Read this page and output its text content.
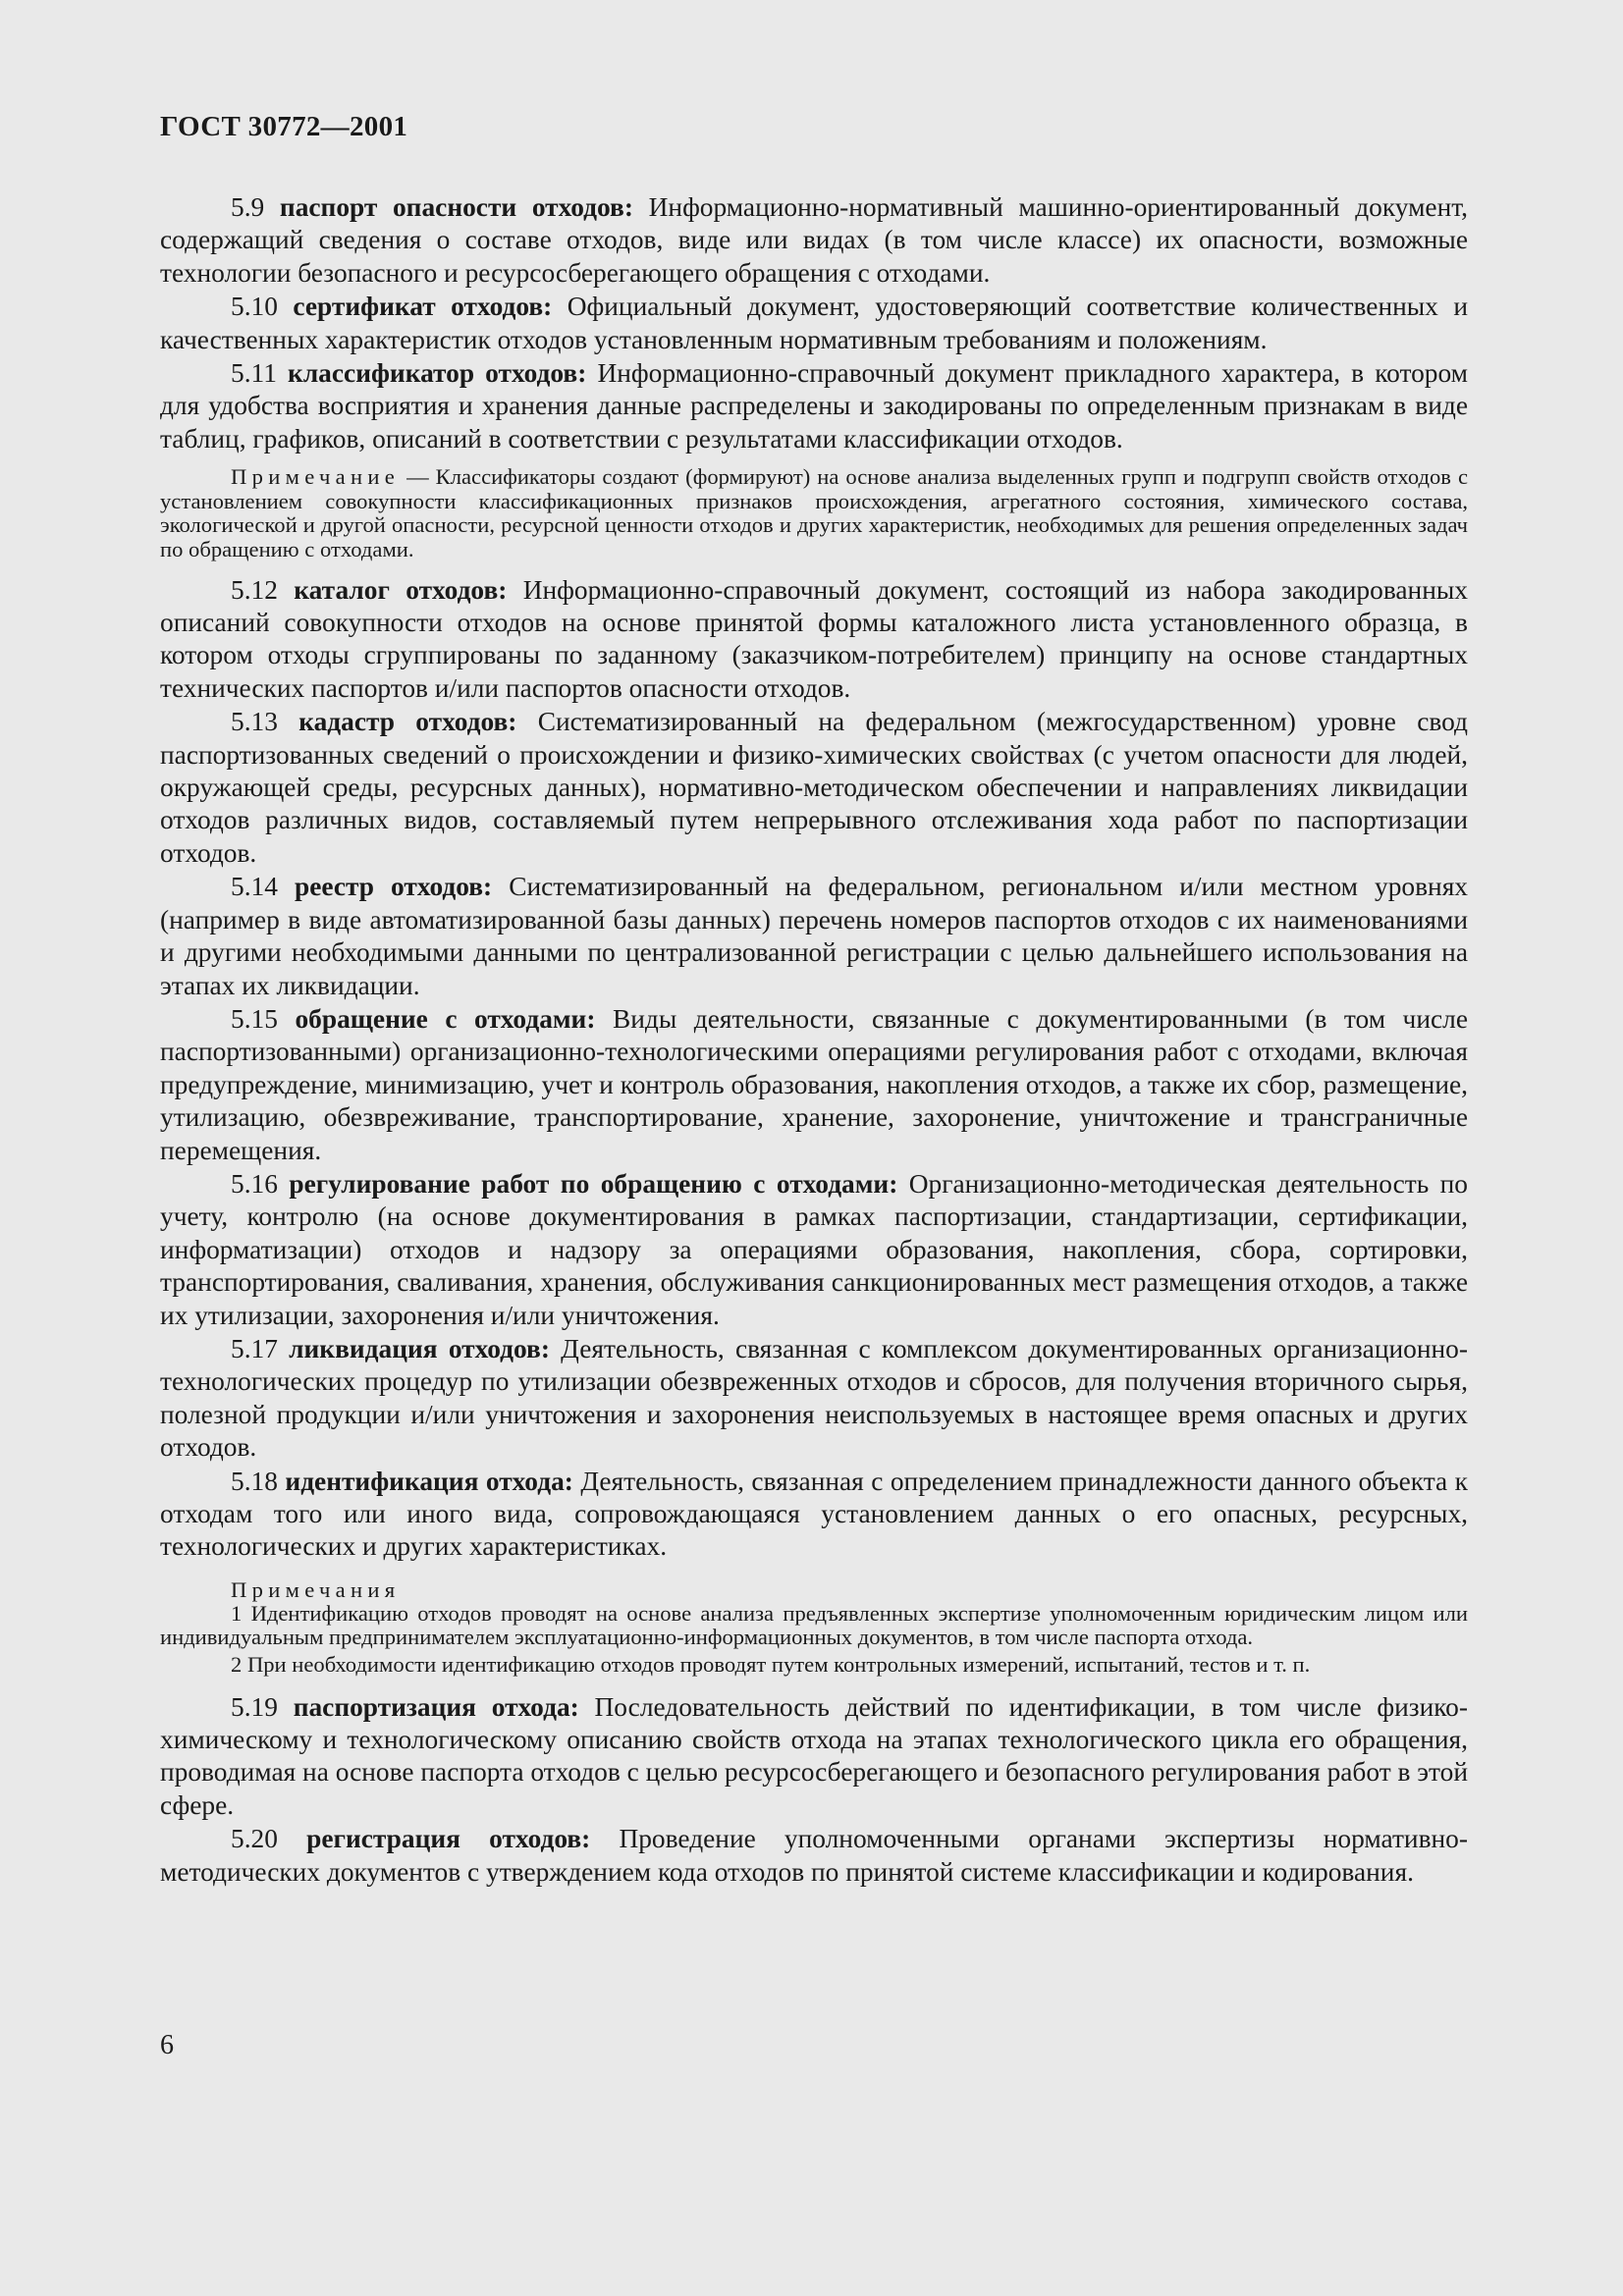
ГОСТ 30772—2001

5.9 паспорт опасности отходов: Информационно-нормативный машинно-ориентированный документ, содержащий сведения о составе отходов, виде или видах (в том числе классе) их опасности, возможные технологии безопасного и ресурсосберегающего обращения с отходами.

5.10 сертификат отходов: Официальный документ, удостоверяющий соответствие количественных и качественных характеристик отходов установленным нормативным требованиям и положениям.

5.11 классификатор отходов: Информационно-справочный документ прикладного характера, в котором для удобства восприятия и хранения данные распределены и закодированы по определенным признакам в виде таблиц, графиков, описаний в соответствии с результатами классификации отходов.

Примечание — Классификаторы создают (формируют) на основе анализа выделенных групп и подгрупп свойств отходов с установлением совокупности классификационных признаков происхождения, агрегатного состояния, химического состава, экологической и другой опасности, ресурсной ценности отходов и других характеристик, необходимых для решения определенных задач по обращению с отходами.

5.12 каталог отходов: Информационно-справочный документ, состоящий из набора закодированных описаний совокупности отходов на основе принятой формы каталожного листа установленного образца, в котором отходы сгруппированы по заданному (заказчиком-потребителем) принципу на основе стандартных технических паспортов и/или паспортов опасности отходов.

5.13 кадастр отходов: Систематизированный на федеральном (межгосударственном) уровне свод паспортизованных сведений о происхождении и физико-химических свойствах (с учетом опасности для людей, окружающей среды, ресурсных данных), нормативно-методическом обеспечении и направлениях ликвидации отходов различных видов, составляемый путем непрерывного отслеживания хода работ по паспортизации отходов.

5.14 реестр отходов: Систематизированный на федеральном, региональном и/или местном уровнях (например в виде автоматизированной базы данных) перечень номеров паспортов отходов с их наименованиями и другими необходимыми данными по централизованной регистрации с целью дальнейшего использования на этапах их ликвидации.

5.15 обращение с отходами: Виды деятельности, связанные с документированными (в том числе паспортизованными) организационно-технологическими операциями регулирования работ с отходами, включая предупреждение, минимизацию, учет и контроль образования, накопления отходов, а также их сбор, размещение, утилизацию, обезвреживание, транспортирование, хранение, захоронение, уничтожение и трансграничные перемещения.

5.16 регулирование работ по обращению с отходами: Организационно-методическая деятельность по учету, контролю (на основе документирования в рамках паспортизации, стандартизации, сертификации, информатизации) отходов и надзору за операциями образования, накопления, сбора, сортировки, транспортирования, сваливания, хранения, обслуживания санкционированных мест размещения отходов, а также их утилизации, захоронения и/или уничтожения.

5.17 ликвидация отходов: Деятельность, связанная с комплексом документированных организационно-технологических процедур по утилизации обезвреженных отходов и сбросов, для получения вторичного сырья, полезной продукции и/или уничтожения и захоронения неиспользуемых в настоящее время опасных и других отходов.

5.18 идентификация отхода: Деятельность, связанная с определением принадлежности данного объекта к отходам того или иного вида, сопровождающаяся установлением данных о его опасных, ресурсных, технологических и других характеристиках.

Примечания

1 Идентификацию отходов проводят на основе анализа предъявленных экспертизе уполномоченным юридическим лицом или индивидуальным предпринимателем эксплуатационно-информационных документов, в том числе паспорта отхода.

2 При необходимости идентификацию отходов проводят путем контрольных измерений, испытаний, тестов и т. п.

5.19 паспортизация отхода: Последовательность действий по идентификации, в том числе физико-химическому и технологическому описанию свойств отхода на этапах технологического цикла его обращения, проводимая на основе паспорта отходов с целью ресурсосберегающего и безопасного регулирования работ в этой сфере.

5.20 регистрация отходов: Проведение уполномоченными органами экспертизы нормативно-методических документов с утверждением кода отходов по принятой системе классификации и кодирования.

6
